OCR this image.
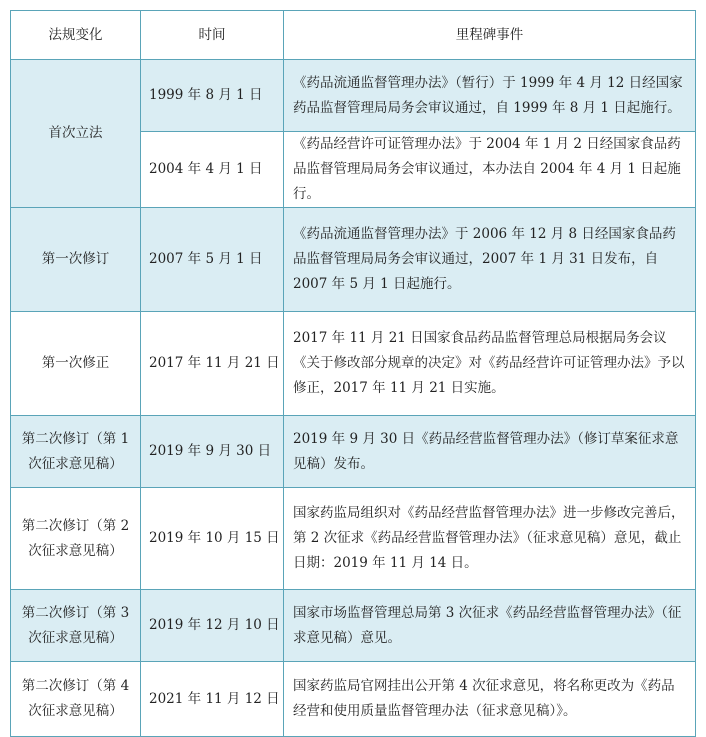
法规变化	时间	里程碑事件
首次立法	1999 年 8 月 1 日	《药品流通监督管理办法》（暂行）于 1999 年 4 月 12 日经国家药品监督管理局局务会审议通过，自 1999 年 8 月 1 日起施行。
	2004 年 4 月 1 日	《药品经营许可证管理办法》于 2004 年 1 月 2 日经国家食品药品监督管理局局务会审议通过，本办法自 2004 年 4 月 1 日起施行。
第一次修订	2007 年 5 月 1 日	《药品流通监督管理办法》于 2006 年 12 月 8 日经国家食品药品监督管理局局务会审议通过，2007 年 1 月 31 日发布，自 2007 年 5 月 1 日起施行。
第一次修正	2017 年 11 月 21 日	2017 年 11 月 21 日国家食品药品监督管理总局根据局务会议《关于修改部分规章的决定》对《药品经营许可证管理办法》予以修正，2017 年 11 月 21 日实施。
第二次修订（第 1 次征求意见稿）	2019 年 9 月 30 日	2019 年 9 月 30 日《药品经营监督管理办法》（修订草案征求意见稿）发布。
第二次修订（第 2 次征求意见稿）	2019 年 10 月 15 日	国家药监局组织对《药品经营监督管理办法》进一步修改完善后，第 2 次征求《药品经营监督管理办法》（征求意见稿）意见，截止日期：2019 年 11 月 14 日。
第二次修订（第 3 次征求意见稿）	2019 年 12 月 10 日	国家市场监督管理总局第 3 次征求《药品经营监督管理办法》（征求意见稿）意见。
第二次修订（第 4 次征求意见稿）	2021 年 11 月 12 日	国家药监局官网挂出公开第 4 次征求意见，将名称更改为《药品经营和使用质量监督管理办法（征求意见稿）》。
